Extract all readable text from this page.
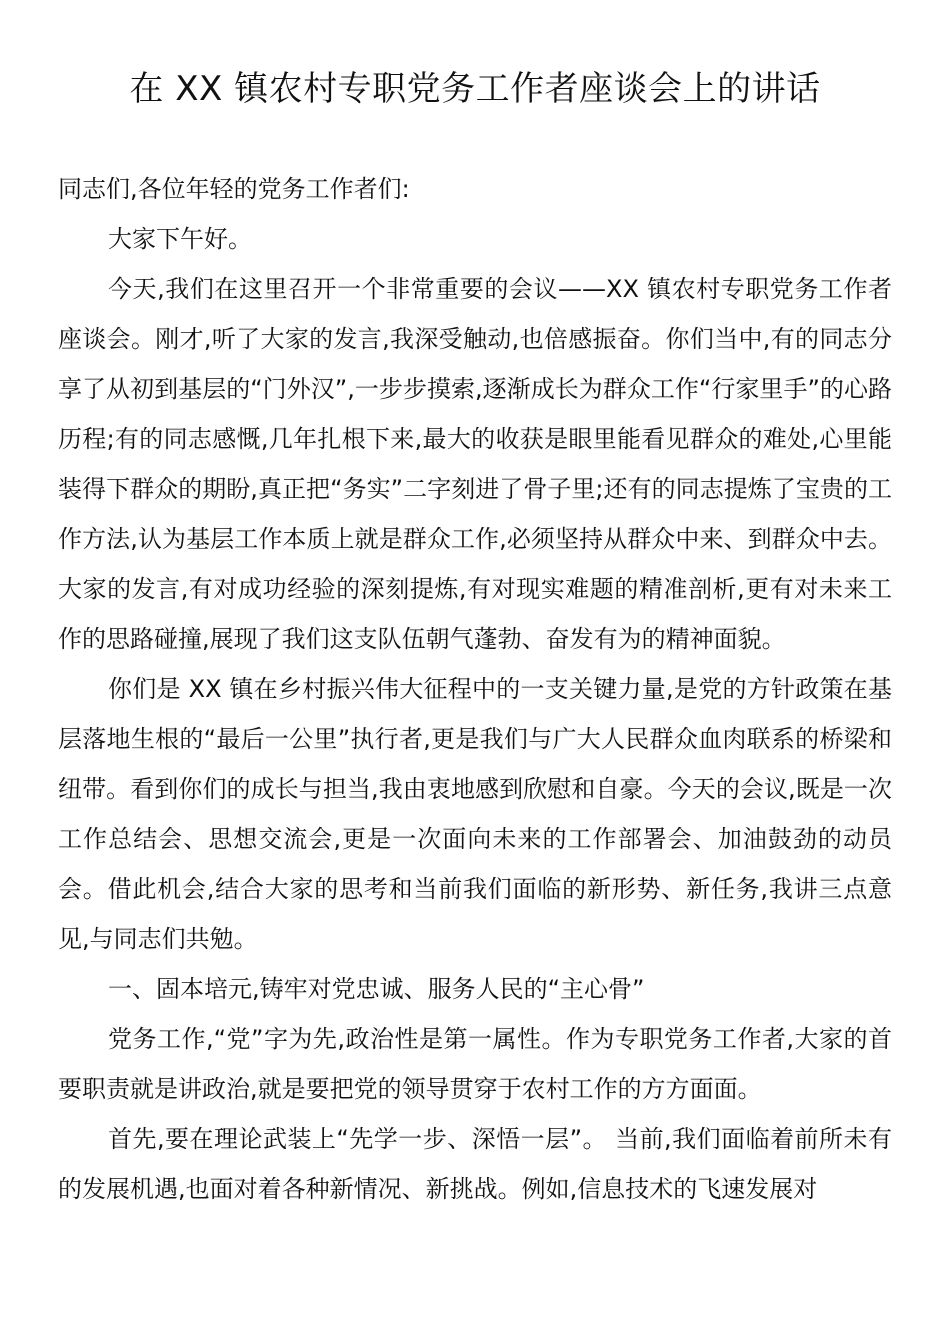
在 XX 镇农村专职党务工作者座谈会上的讲话

同志们,各位年轻的党务工作者们:

大家下午好。

今天,我们在这里召开一个非常重要的会议——XX 镇农村专职党务工作者座谈会。刚才,听了大家的发言,我深受触动,也倍感振奋。你们当中,有的同志分享了从初到基层的“门外汉”,一步步摸索,逐渐成长为群众工作“行家里手”的心路历程;有的同志感慨,几年扎根下来,最大的收获是眼里能看见群众的难处,心里能装得下群众的期盼,真正把“务实”二字刻进了骨子里;还有的同志提炼了宝贵的工作方法,认为基层工作本质上就是群众工作,必须坚持从群众中来、到群众中去。大家的发言,有对成功经验的深刻提炼,有对现实难题的精准剖析,更有对未来工作的思路碰撞,展现了我们这支队伍朝气蓬勃、奋发有为的精神面貌。

你们是 XX 镇在乡村振兴伟大征程中的一支关键力量,是党的方针政策在基层落地生根的“最后一公里”执行者,更是我们与广大人民群众血肉联系的桥梁和纽带。看到你们的成长与担当,我由衷地感到欣慰和自豪。今天的会议,既是一次工作总结会、思想交流会,更是一次面向未来的工作部署会、加油鼓劲的动员会。借此机会,结合大家的思考和当前我们面临的新形势、新任务,我讲三点意见,与同志们共勉。

一、固本培元,铸牢对党忠诚、服务人民的“主心骨”

党务工作,“党”字为先,政治性是第一属性。作为专职党务工作者,大家的首要职责就是讲政治,就是要把党的领导贯穿于农村工作的方方面面。

首先,要在理论武装上“先学一步、深悟一层”。 当前,我们面临着前所未有的发展机遇,也面对着各种新情况、新挑战。例如,信息技术的飞速发展对
